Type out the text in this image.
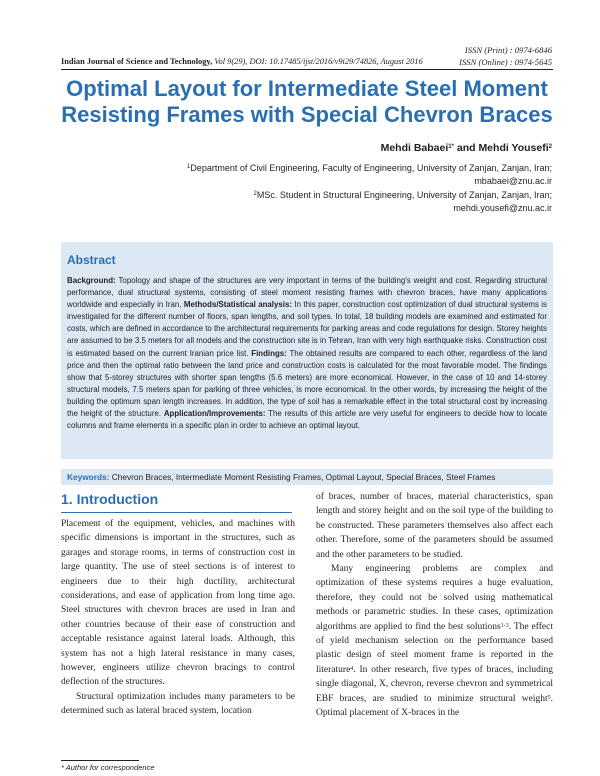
ISSN (Print) : 0974-6846
ISSN (Online) : 0974-5645
Indian Journal of Science and Technology, Vol 9(29), DOI: 10.17485/ijst/2016/v9i29/74826, August 2016
Optimal Layout for Intermediate Steel Moment Resisting Frames with Special Chevron Braces
Mehdi Babaei$^{1*}$ and Mehdi Yousefi$^2$
$^1$Department of Civil Engineering, Faculty of Engineering, University of Zanjan, Zanjan, Iran;
mbabaei@znu.ac.ir
$^2$MSc. Student in Structural Engineering, University of Zanjan, Zanjan, Iran;
mehdi.yousefi@znu.ac.ir
Abstract
Background: Topology and shape of the structures are very important in terms of the building's weight and cost. Regarding structural performance, dual structural systems, consisting of steel moment resisting frames with chevron braces, have many applications worldwide and especially in Iran. Methods/Statistical analysis: In this paper, construction cost optimization of dual structural systems is investigated for the different number of floors, span lengths, and soil types. In total, 18 building models are examined and estimated for costs, which are defined in accordance to the architectural requirements for parking areas and code regulations for design. Storey heights are assumed to be 3.5 meters for all models and the construction site is in Tehran, Iran with very high earthquake risks. Construction cost is estimated based on the current Iranian price list. Findings: The obtained results are compared to each other, regardless of the land price and then the optimal ratio between the land price and construction costs is calculated for the most favorable model. The findings show that 5-storey structures with shorter span lengths (5.6 meters) are more economical. However, in the case of 10 and 14-storey structural models, 7.5 meters span for parking of three vehicles, is more economical. In the other words, by increasing the height of the building the optimum span length increases. In addition, the type of soil has a remarkable effect in the total structural cost by increasing the height of the structure. Application/Improvements: The results of this article are very useful for engineers to decide how to locate columns and frame elements in a specific plan in order to achieve an optimal layout.
Keywords: Chevron Braces, Intermediate Moment Resisting Frames, Optimal Layout, Special Braces, Steel Frames
1. Introduction

Placement of the equipment, vehicles, and machines with specific dimensions is important in the structures, such as garages and storage rooms, in terms of construction cost in large quantity. The use of steel sections is of interest to engineers due to their high ductility, architectural considerations, and ease of application from long time ago. Steel structures with chevron braces are used in Iran and other countries because of their ease of construction and acceptable resistance against lateral loads. Although, this system has not a high lateral resistance in many cases, however, engineers utilize chevron bracings to control deflection of the structures.

Structural optimization includes many parameters to be determined such as lateral braced system, location

of braces, number of braces, material characteristics, span length and storey height and on the soil type of the building to be constructed. These parameters themselves also affect each other. Therefore, some of the parameters should be assumed and the other parameters to be studied.

Many engineering problems are complex and optimization of these systems requires a huge evaluation, therefore, they could not be solved using mathematical methods or parametric studies. In these cases, optimization algorithms are applied to find the best solutions$^{1-3}$. The effect of yield mechanism selection on the performance based plastic design of steel moment frame is reported in the literature$^4$. In other research, five types of braces, including single diagonal, X, chevron, reverse chevron and symmetrical EBF braces, are studied to minimize structural weight$^5$. Optimal placement of X-braces in the

* Author for correspondence
